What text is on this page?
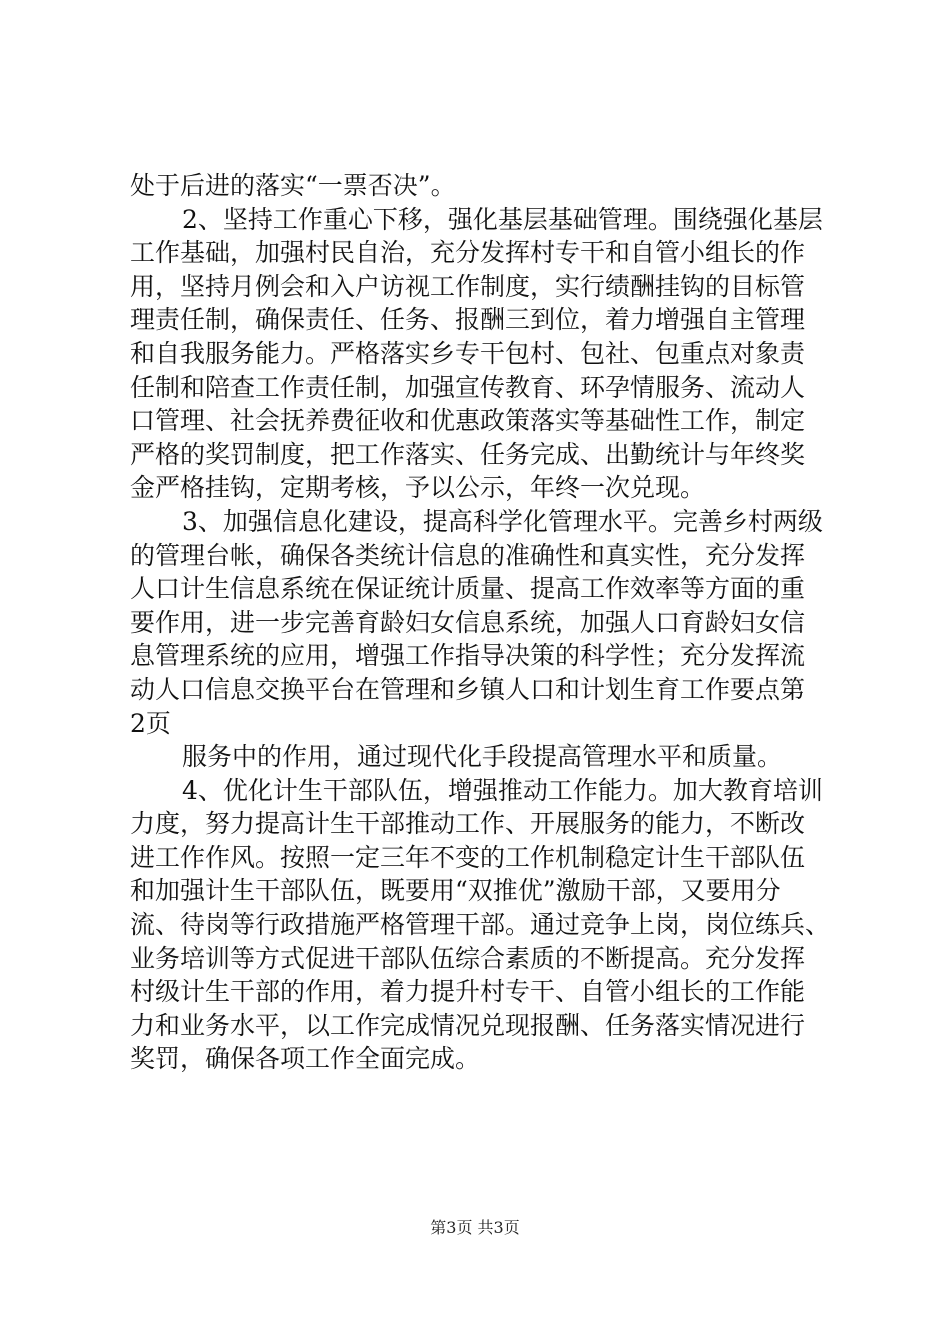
处于后进的落实“一票否决”。
2、坚持工作重心下移，强化基层基础管理。围绕强化基层
工作基础，加强村民自治，充分发挥村专干和自管小组长的作
用，坚持月例会和入户访视工作制度，实行绩酬挂钩的目标管
理责任制，确保责任、任务、报酬三到位，着力增强自主管理
和自我服务能力。严格落实乡专干包村、包社、包重点对象责
任制和陪查工作责任制，加强宣传教育、环孕情服务、流动人
口管理、社会抚养费征收和优惠政策落实等基础性工作，制定
严格的奖罚制度，把工作落实、任务完成、出勤统计与年终奖
金严格挂钩，定期考核，予以公示，年终一次兑现。
3、加强信息化建设，提高科学化管理水平。完善乡村两级
的管理台帐，确保各类统计信息的准确性和真实性，充分发挥
人口计生信息系统在保证统计质量、提高工作效率等方面的重
要作用，进一步完善育龄妇女信息系统，加强人口育龄妇女信
息管理系统的应用，增强工作指导决策的科学性；充分发挥流
动人口信息交换平台在管理和乡镇人口和计划生育工作要点第
2页
服务中的作用，通过现代化手段提高管理水平和质量。
4、优化计生干部队伍，增强推动工作能力。加大教育培训
力度，努力提高计生干部推动工作、开展服务的能力，不断改
进工作作风。按照一定三年不变的工作机制稳定计生干部队伍
和加强计生干部队伍，既要用“双推优”激励干部，又要用分
流、待岗等行政措施严格管理干部。通过竞争上岗，岗位练兵、
业务培训等方式促进干部队伍综合素质的不断提高。充分发挥
村级计生干部的作用，着力提升村专干、自管小组长的工作能
力和业务水平，以工作完成情况兑现报酬、任务落实情况进行
奖罚，确保各项工作全面完成。
第3页 共3页
